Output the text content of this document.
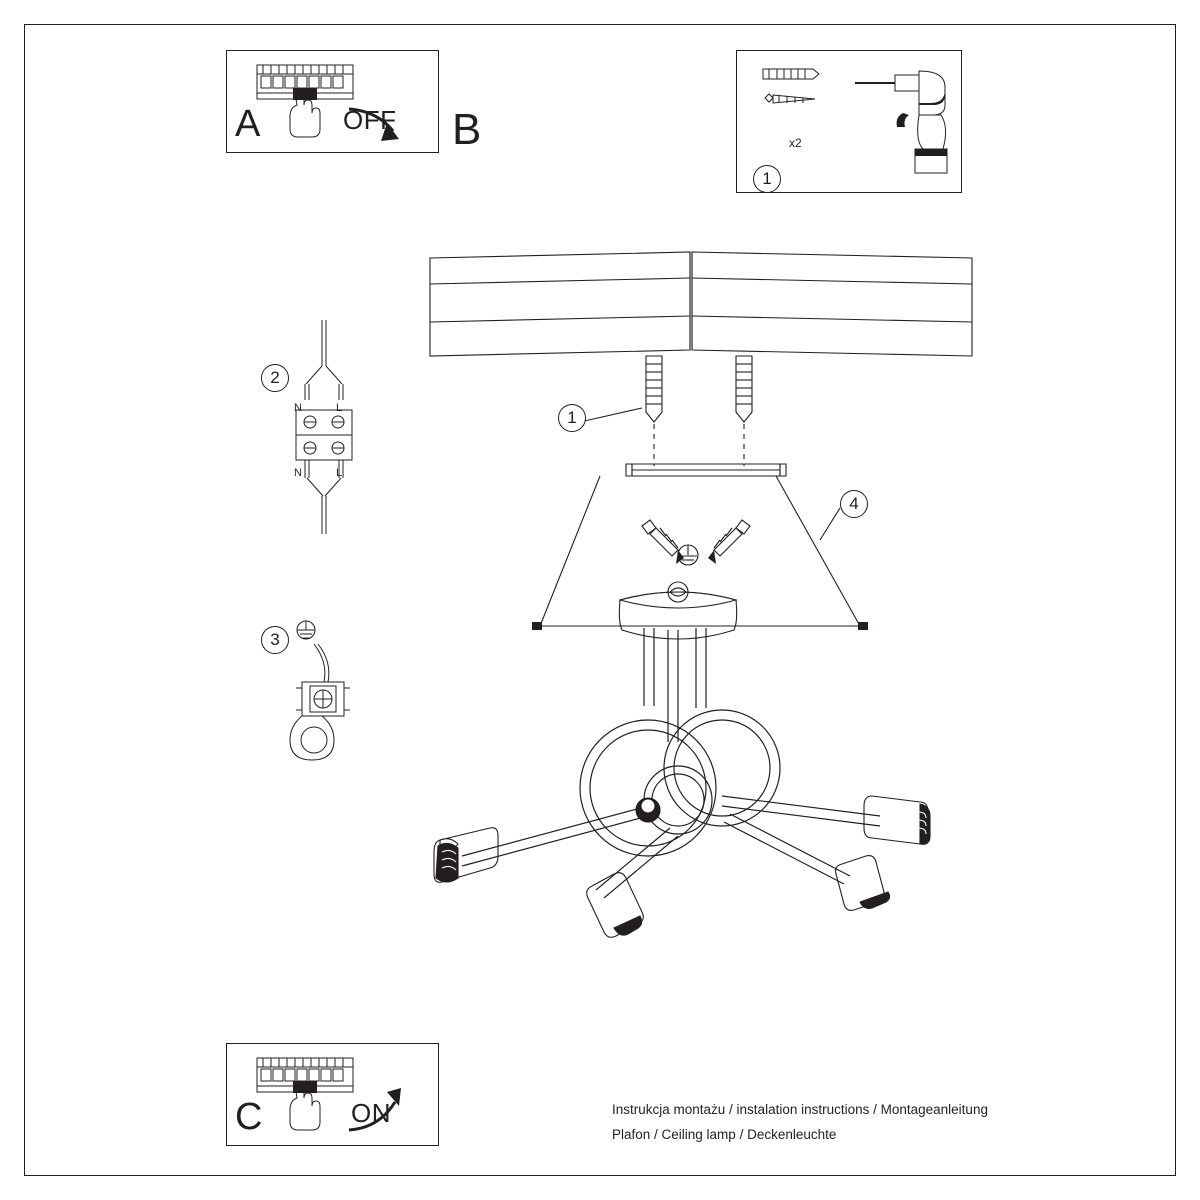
A	OFF B	x2
1
2
N	L
N	L
3
1
4
C	ON	Instrukcja montażu / instalation instructions / Montageanleitung
Plafon / Ceiling lamp / Deckenleuchte
